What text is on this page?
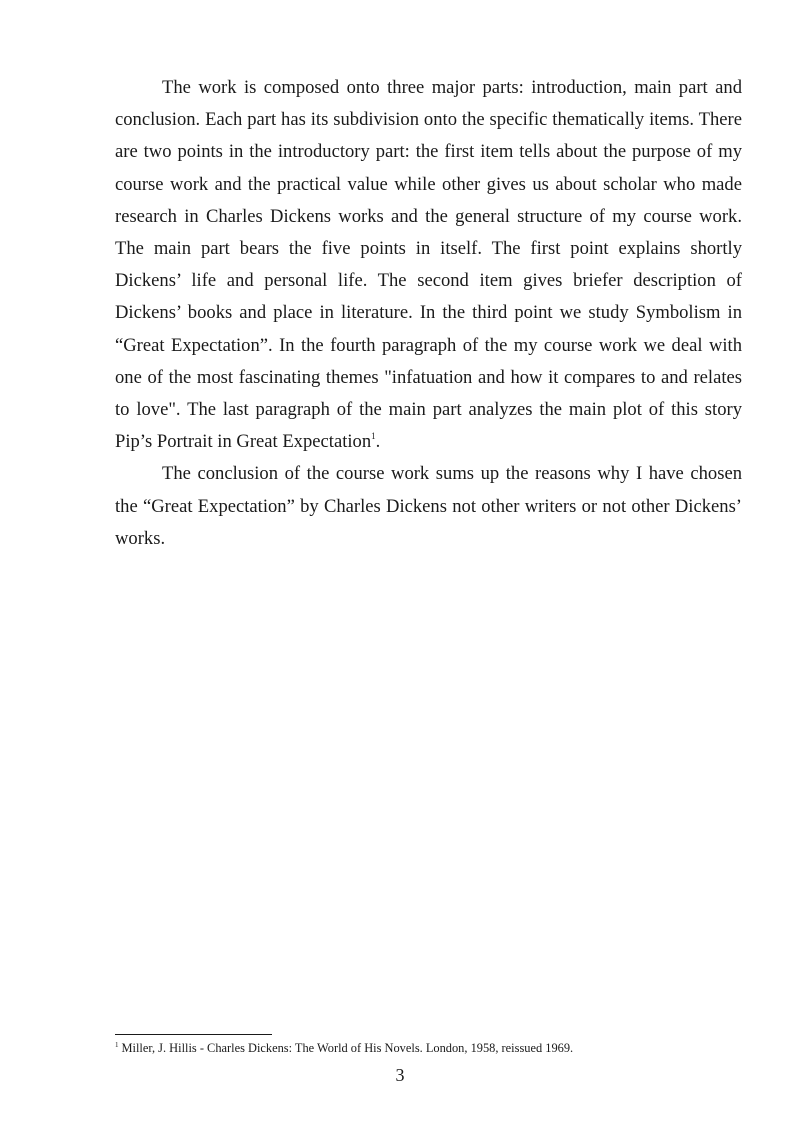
The work is composed onto three major parts: introduction, main part and conclusion. Each part has its subdivision onto the specific thematically items. There are two points in the introductory part: the first item tells about the purpose of my course work and the practical value while other gives us about scholar who made research in Charles Dickens works and the general structure of my course work. The main part bears the five points in itself. The first point explains shortly Dickens’ life and personal life. The second item gives briefer description of Dickens’ books and place in literature. In the third point we study Symbolism in “Great Expectation”. In the fourth paragraph of the my course work we deal with one of the most fascinating themes "infatuation and how it compares to and relates to love". The last paragraph of the main part analyzes the main plot of this story Pip’s Portrait in Great Expectation$^1$.

The conclusion of the course work sums up the reasons why I have chosen the “Great Expectation” by Charles Dickens not other writers or not other Dickens’ works.

$^1$ Miller, J. Hillis - Charles Dickens: The World of His Novels. London, 1958, reissued 1969.
3
